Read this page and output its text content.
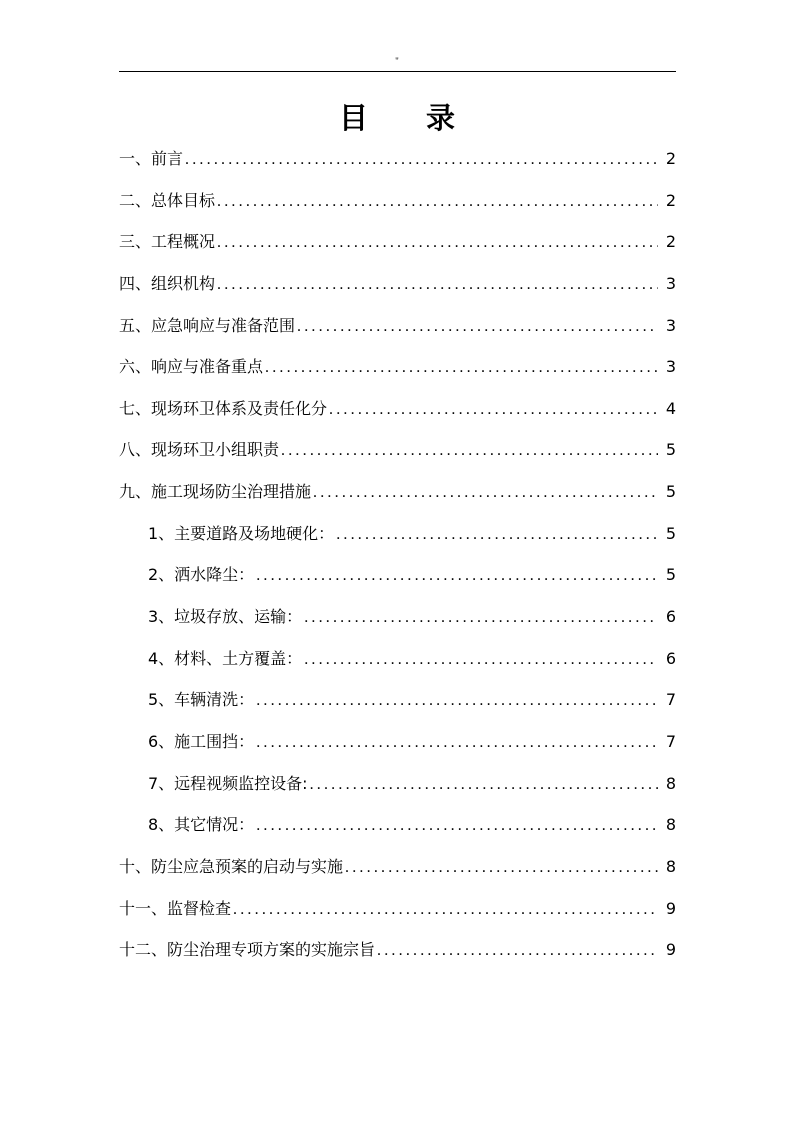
"
目 录
一、前言 .....	2
二、总体目标 .....	2
三、工程概况 .....	2
四、组织机构 .....	3
五、应急响应与准备范围 .....	3
六、响应与准备重点 .....	3
七、现场环卫体系及责任化分 .....	4
八、现场环卫小组职责 .....	5
九、施工现场防尘治理措施 .....	5
1、主要道路及场地硬化： .....	5
2、洒水降尘： .....	5
3、垃圾存放、运输： .....	6
4、材料、土方覆盖： .....	6
5、车辆清洗： .....	7
6、施工围挡： .....	7
7、远程视频监控设备: .....	8
8、其它情况： .....	8
十、防尘应急预案的启动与实施 .....	8
十一、监督检查 .....	9
十二、防尘治理专项方案的实施宗旨 .....	9
